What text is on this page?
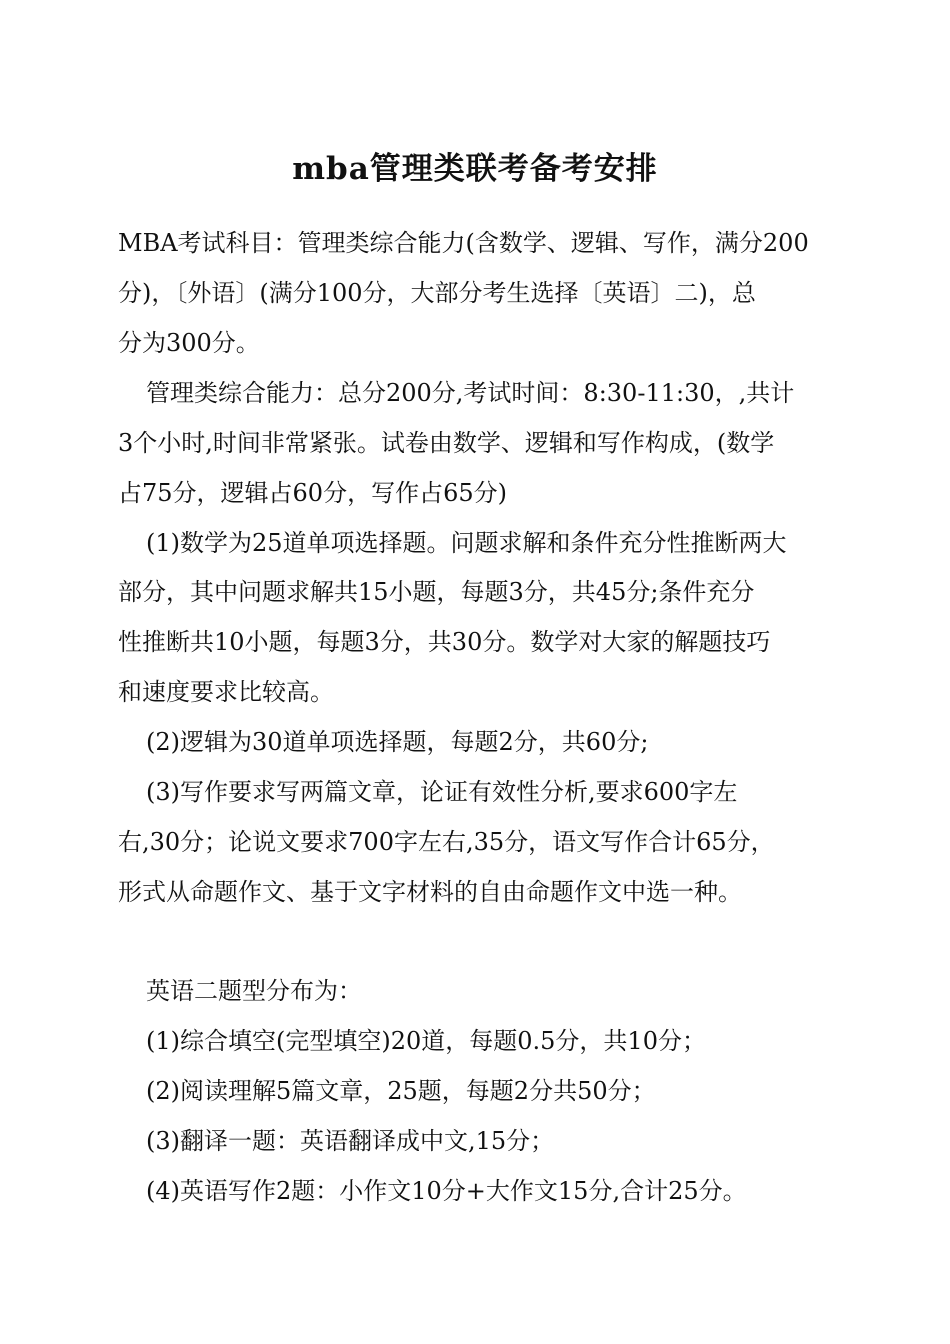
mba管理类联考备考安排
MBA考试科目：管理类综合能力(含数学、逻辑、写作，满分200
分)，〔外语〕(满分100分，大部分考生选择〔英语〕二)，总
分为300分。
管理类综合能力：总分200分,考试时间：8:30-11:30，,共计
3个小时,时间非常紧张。试卷由数学、逻辑和写作构成，(数学
占75分，逻辑占60分，写作占65分)
(1)数学为25道单项选择题。问题求解和条件充分性推断两大
部分，其中问题求解共15小题，每题3分，共45分;条件充分
性推断共10小题，每题3分，共30分。数学对大家的解题技巧
和速度要求比较高。
(2)逻辑为30道单项选择题，每题2分，共60分;
(3)写作要求写两篇文章，论证有效性分析,要求600字左
右,30分；论说文要求700字左右,35分，语文写作合计65分，
形式从命题作文、基于文字材料的自由命题作文中选一种。
英语二题型分布为：
(1)综合填空(完型填空)20道，每题0.5分，共10分；
(2)阅读理解5篇文章，25题，每题2分共50分；
(3)翻译一题：英语翻译成中文,15分；
(4)英语写作2题：小作文10分+大作文15分,合计25分。
